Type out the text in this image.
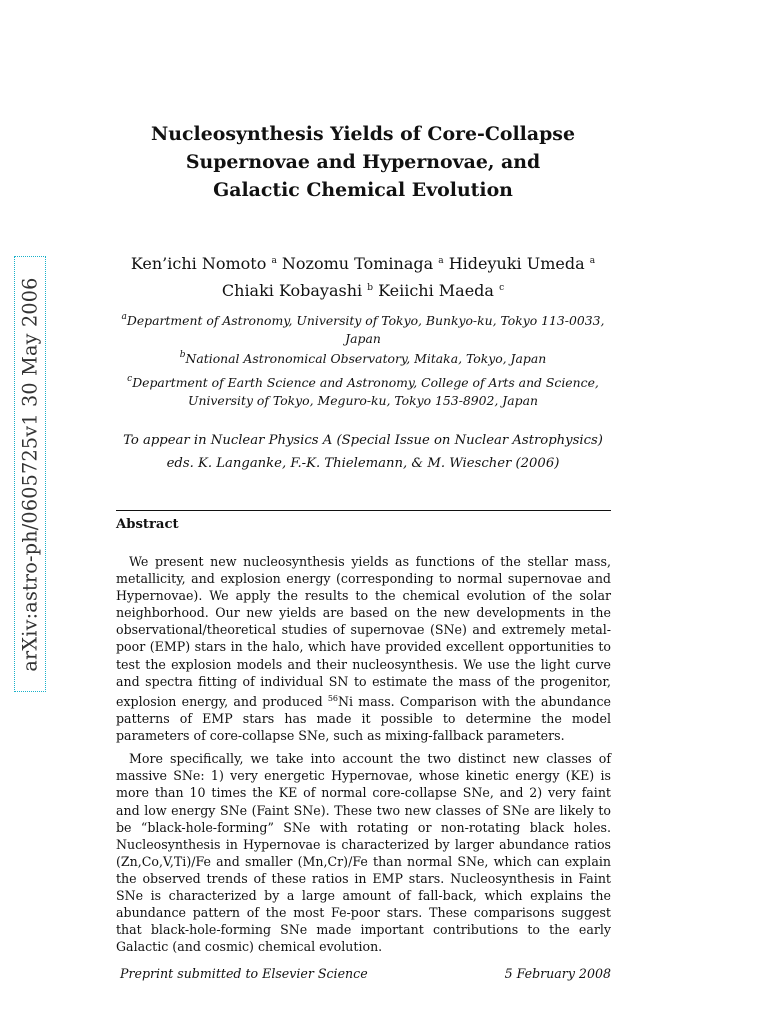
arXiv:astro-ph/0605725v1 30 May 2006
Nucleosynthesis Yields of Core-Collapse
Supernovae and Hypernovae, and
Galactic Chemical Evolution
Ken’ichi Nomoto $^a$ Nozomu Tominaga $^a$ Hideyuki Umeda $^a$
Chiaki Kobayashi $^b$ Keiichi Maeda $^c$
$^a$Department of Astronomy, University of Tokyo, Bunkyo-ku, Tokyo 113-0033, Japan
$^b$National Astronomical Observatory, Mitaka, Tokyo, Japan
$^c$Department of Earth Science and Astronomy, College of Arts and Science, University of Tokyo, Meguro-ku, Tokyo 153-8902, Japan
To appear in Nuclear Physics A (Special Issue on Nuclear Astrophysics)
eds. K. Langanke, F.-K. Thielemann, & M. Wiescher (2006)
Abstract

We present new nucleosynthesis yields as functions of the stellar mass, metallicity, and explosion energy (corresponding to normal supernovae and Hypernovae). We apply the results to the chemical evolution of the solar neighborhood. Our new yields are based on the new developments in the observational/theoretical studies of supernovae (SNe) and extremely metal-poor (EMP) stars in the halo, which have provided excellent opportunities to test the explosion models and their nucleosynthesis. We use the light curve and spectra fitting of individual SN to estimate the mass of the progenitor, explosion energy, and produced $^{56}$Ni mass. Comparison with the abundance patterns of EMP stars has made it possible to determine the model parameters of core-collapse SNe, such as mixing-fallback parameters.

More specifically, we take into account the two distinct new classes of massive SNe: 1) very energetic Hypernovae, whose kinetic energy (KE) is more than 10 times the KE of normal core-collapse SNe, and 2) very faint and low energy SNe (Faint SNe). These two new classes of SNe are likely to be “black-hole-forming” SNe with rotating or non-rotating black holes. Nucleosynthesis in Hypernovae is characterized by larger abundance ratios (Zn,Co,V,Ti)/Fe and smaller (Mn,Cr)/Fe than normal SNe, which can explain the observed trends of these ratios in EMP stars. Nucleosynthesis in Faint SNe is characterized by a large amount of fall-back, which explains the abundance pattern of the most Fe-poor stars. These comparisons suggest that black-hole-forming SNe made important contributions to the early Galactic (and cosmic) chemical evolution.

Preprint submitted to Elsevier Science	5 February 2008
